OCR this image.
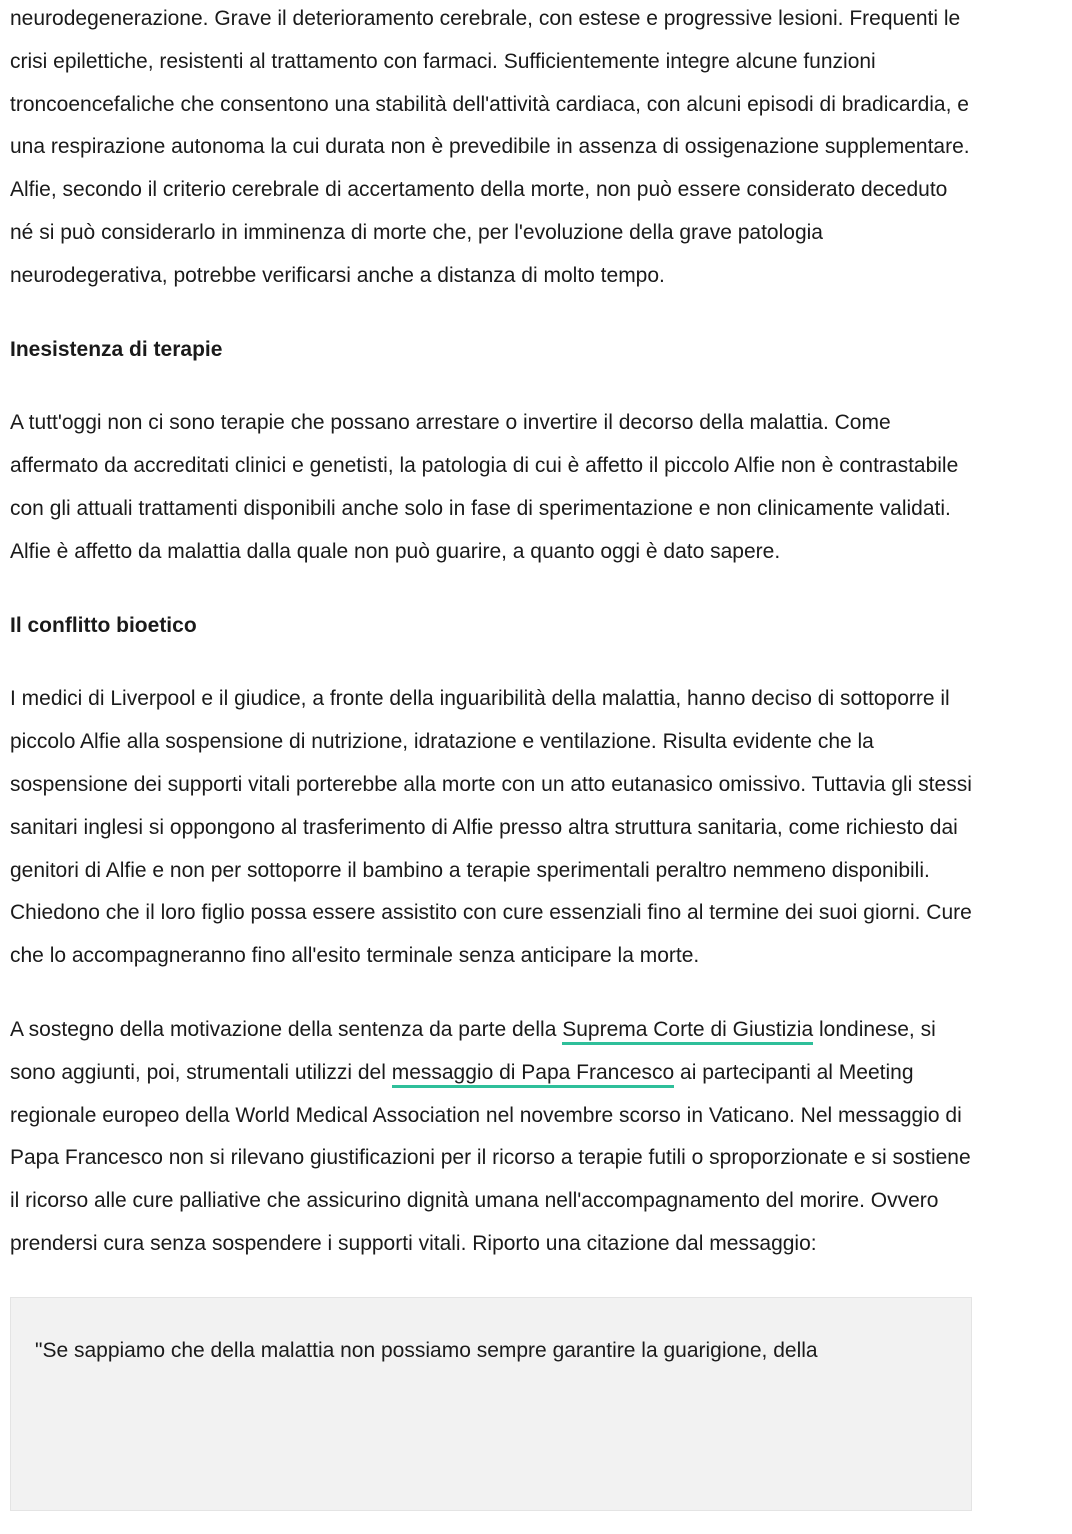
neurodegenerazione. Grave il deterioramento cerebrale, con estese e progressive lesioni. Frequenti le crisi epilettiche, resistenti al trattamento con farmaci. Sufficientemente integre alcune funzioni troncoencefaliche che consentono una stabilità dell'attività cardiaca, con alcuni episodi di bradicardia, e una respirazione autonoma la cui durata non è prevedibile in assenza di ossigenazione supplementare. Alfie, secondo il criterio cerebrale di accertamento della morte, non può essere considerato deceduto né si può considerarlo in imminenza di morte che, per l'evoluzione della grave patologia neurodegerativa, potrebbe verificarsi anche a distanza di molto tempo.

Inesistenza di terapie

A tutt'oggi non ci sono terapie che possano arrestare o invertire il decorso della malattia. Come affermato da accreditati clinici e genetisti, la patologia di cui è affetto il piccolo Alfie non è contrastabile con gli attuali trattamenti disponibili anche solo in fase di sperimentazione e non clinicamente validati. Alfie è affetto da malattia dalla quale non può guarire, a quanto oggi è dato sapere.

Il conflitto bioetico

I medici di Liverpool e il giudice, a fronte della inguaribilità della malattia, hanno deciso di sottoporre il piccolo Alfie alla sospensione di nutrizione, idratazione e ventilazione. Risulta evidente che la sospensione dei supporti vitali porterebbe alla morte con un atto eutanasico omissivo. Tuttavia gli stessi sanitari inglesi si oppongono al trasferimento di Alfie presso altra struttura sanitaria, come richiesto dai genitori di Alfie e non per sottoporre il bambino a terapie sperimentali peraltro nemmeno disponibili. Chiedono che il loro figlio possa essere assistito con cure essenziali fino al termine dei suoi giorni. Cure che lo accompagneranno fino all'esito terminale senza anticipare la morte.

A sostegno della motivazione della sentenza da parte della Suprema Corte di Giustizia londinese, si sono aggiunti, poi, strumentali utilizzi del messaggio di Papa Francesco ai partecipanti al Meeting regionale europeo della World Medical Association nel novembre scorso in Vaticano. Nel messaggio di Papa Francesco non si rilevano giustificazioni per il ricorso a terapie futili o sproporzionate e si sostiene il ricorso alle cure palliative che assicurino dignità umana nell'accompagnamento del morire. Ovvero prendersi cura senza sospendere i supporti vitali. Riporto una citazione dal messaggio:

"Se sappiamo che della malattia non possiamo sempre garantire la guarigione, della
